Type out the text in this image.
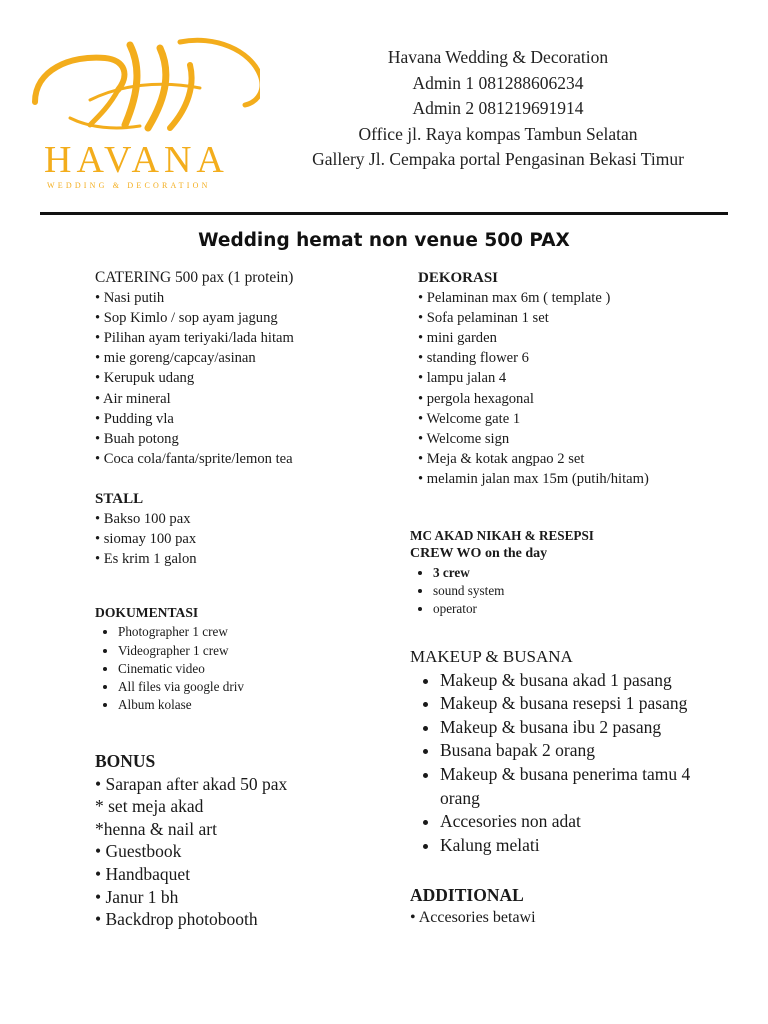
HAVANA
WEDDING & DECORATION
Havana Wedding & Decoration
Admin 1 081288606234
Admin 2 081219691914
Office jl. Raya kompas Tambun Selatan
Gallery Jl. Cempaka portal Pengasinan Bekasi Timur
Wedding hemat non venue 500 PAX
CATERING 500 pax (1 protein)
• Nasi putih
• Sop Kimlo / sop ayam jagung
• Pilihan ayam teriyaki/lada hitam
• mie goreng/capcay/asinan
• Kerupuk udang
• Air mineral
• Pudding vla
• Buah potong
• Coca cola/fanta/sprite/lemon tea
STALL
• Bakso 100 pax
• siomay 100 pax
• Es krim 1 galon
DOKUMENTASI
• Photographer 1 crew
• Videographer 1 crew
• Cinematic video
• All files via google driv
• Album kolase
BONUS
• Sarapan after akad 50 pax
* set meja akad
*henna & nail art
• Guestbook
• Handbaquet
• Janur 1 bh
• Backdrop photobooth
DEKORASI
• Pelaminan max 6m ( template )
• Sofa pelaminan 1 set
• mini garden
• standing flower 6
• lampu jalan 4
• pergola hexagonal
• Welcome gate 1
• Welcome sign
• Meja & kotak angpao 2 set
• melamin jalan max 15m (putih/hitam)
MC AKAD NIKAH & RESEPSI
CREW WO on the day
• 3 crew
• sound system
• operator
MAKEUP & BUSANA
• Makeup & busana akad 1 pasang
• Makeup & busana resepsi 1 pasang
• Makeup & busana ibu 2 pasang
• Busana bapak 2 orang
• Makeup & busana penerima tamu 4 orang
• Accesories non adat
• Kalung melati
ADDITIONAL
• Accesories betawi
